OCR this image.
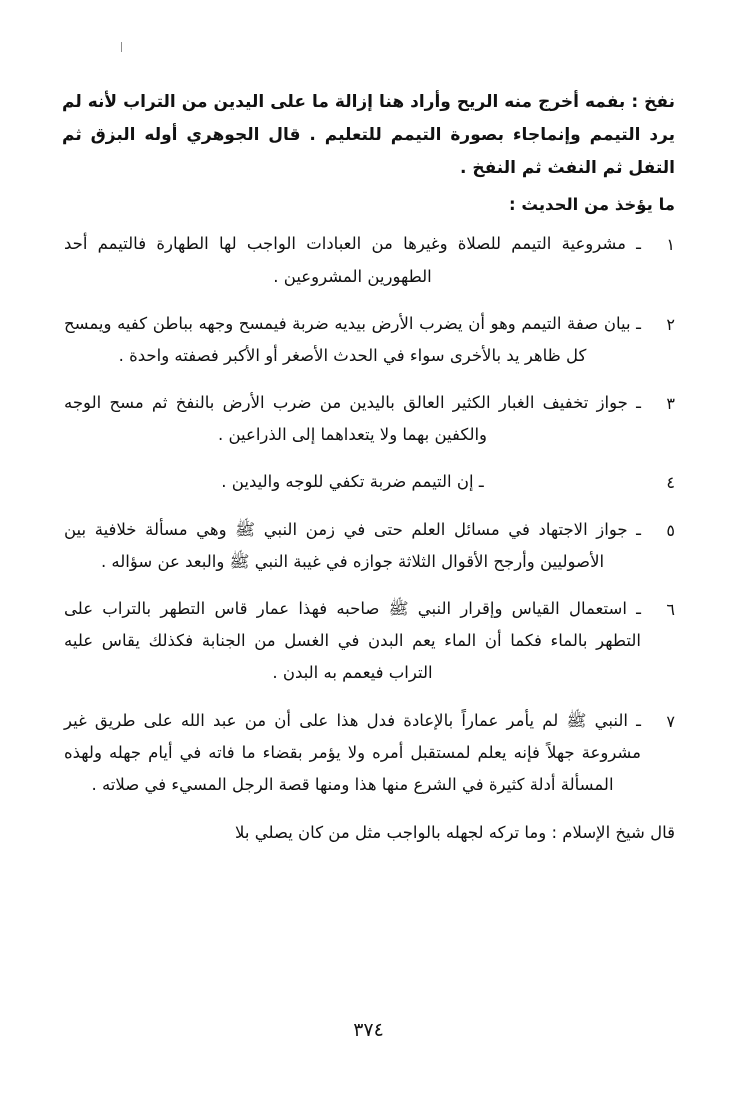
نفخ : بفمه أخرج منه الريح وأراد هنا إزالة ما على اليدين من التراب لأنه لم يرد التيمم وإنماجاء بصورة التيمم للتعليم . قال الجوهري أوله البزق ثم التفل ثم النفث ثم النفخ .

ما يؤخذ من الحديث :

١
ـ مشروعية التيمم للصلاة وغيرها من العبادات الواجب لها الطهارة فالتيمم أحد الطهورين المشروعين .
٢
ـ بيان صفة التيمم وهو أن يضرب الأرض بيديه ضربة فيمسح وجهه بباطن كفيه ويمسح كل ظاهر يد بالأخرى سواء في الحدث الأصغر أو الأكبر فصفته واحدة .
٣
ـ جواز تخفيف الغبار الكثير العالق باليدين من ضرب الأرض بالنفخ ثم مسح الوجه والكفين بهما ولا يتعداهما إلى الذراعين .
٤
ـ إن التيمم ضربة تكفي للوجه واليدين .
٥
ـ جواز الاجتهاد في مسائل العلم حتى في زمن النبي ﷺ وهي مسألة خلافية بين الأصوليين وأرجح الأقوال الثلاثة جوازه في غيبة النبي ﷺ والبعد عن سؤاله .
٦
ـ استعمال القياس وإقرار النبي ﷺ صاحبه فهذا عمار قاس التطهر بالتراب على التطهر بالماء فكما أن الماء يعم البدن في الغسل من الجنابة فكذلك يقاس عليه التراب فيعمم به البدن .
٧
ـ النبي ﷺ لم يأمر عماراً بالإعادة فدل هذا على أن من عبد الله على طريق غير مشروعة جهلاً فإنه يعلم لمستقبل أمره ولا يؤمر بقضاء ما فاته في أيام جهله ولهذه المسألة أدلة كثيرة في الشرع منها هذا ومنها قصة الرجل المسيء في صلاته .

قال شيخ الإسلام : وما تركه لجهله بالواجب مثل من كان يصلي بلا

٣٧٤
